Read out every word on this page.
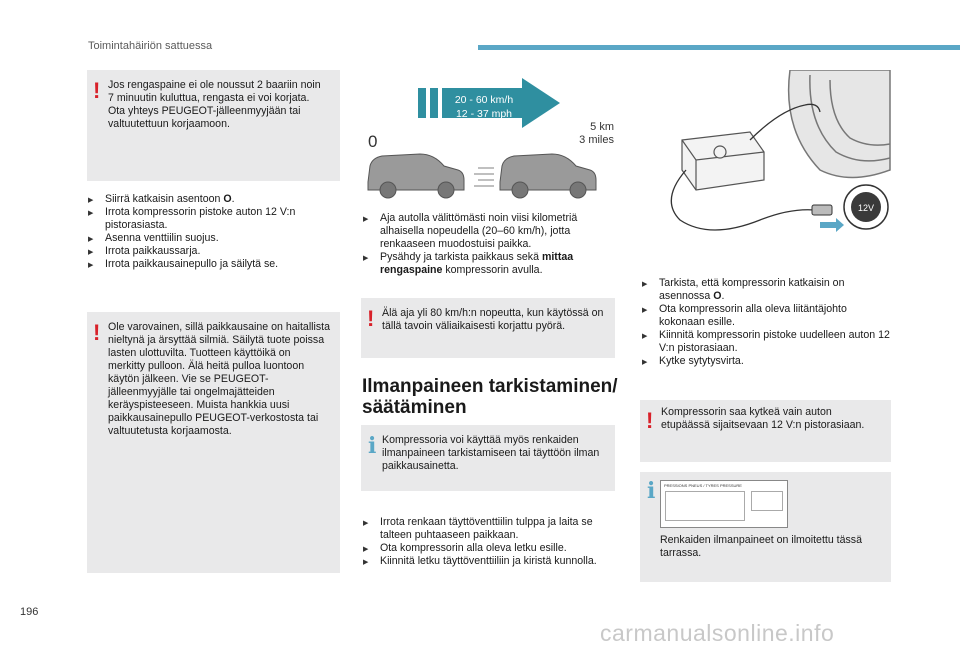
Toimintahäiriön sattuessa
! Jos rengaspaine ei ole noussut 2 baariin noin 7 minuutin kuluttua, rengasta ei voi korjata. Ota yhteys PEUGEOT-jälleenmyyjään tai valtuutettuun korjaamoon.
▶ Siirrä katkaisin asentoon O.
▶ Irrota kompressorin pistoke auton 12 V:n pistorasiasta.
▶ Asenna venttiilin suojus.
▶ Irrota paikkaussarja.
▶ Irrota paikkausainepullo ja säilytä se.
! Ole varovainen, sillä paikkausaine on haitallista nieltynä ja ärsyttää silmiä. Säilytä tuote poissa lasten ulottuvilta. Tuotteen käyttöikä on merkitty pulloon. Älä heitä pulloa luontoon käytön jälkeen. Vie se PEUGEOT-jälleenmyyjälle tai ongelmajätteiden keräyspisteeseen. Muista hankkia uusi paikkausainepullo PEUGEOT-verkostosta tai valtuutetusta korjaamosta.
20 - 60 km/h
12 - 37 mph
0
5 km
3 miles
▶ Aja autolla välittömästi noin viisi kilometriä alhaisella nopeudella (20–60 km/h), jotta renkaaseen muodostuisi paikka.
▶ Pysähdy ja tarkista paikkaus sekä mittaa rengaspaine kompressorin avulla.
! Älä aja yli 80 km/h:n nopeutta, kun käytössä on tällä tavoin väliaikaisesti korjattu pyörä.
Ilmanpaineen tarkistaminen/
säätäminen
i Kompressoria voi käyttää myös renkaiden ilmanpaineen tarkistamiseen tai täyttöön ilman paikkausainetta.
▶ Irrota renkaan täyttöventtiilin tulppa ja laita se talteen puhtaaseen paikkaan.
▶ Ota kompressorin alla oleva letku esille.
▶ Kiinnitä letku täyttöventtiiliin ja kiristä kunnolla.
12V
▶ Tarkista, että kompressorin katkaisin on asennossa O.
▶ Ota kompressorin alla oleva liitäntäjohto kokonaan esille.
▶ Kiinnitä kompressorin pistoke uudelleen auton 12 V:n pistorasiaan.
▶ Kytke sytytysvirta.
! Kompressorin saa kytkeä vain auton etupäässä sijaitsevaan 12 V:n pistorasiaan.
i	PRESSIONS PNEUS / TYRES PRESSURE
Renkaiden ilmanpaineet on ilmoitettu tässä tarrassa.
196
carmanualsonline.info
